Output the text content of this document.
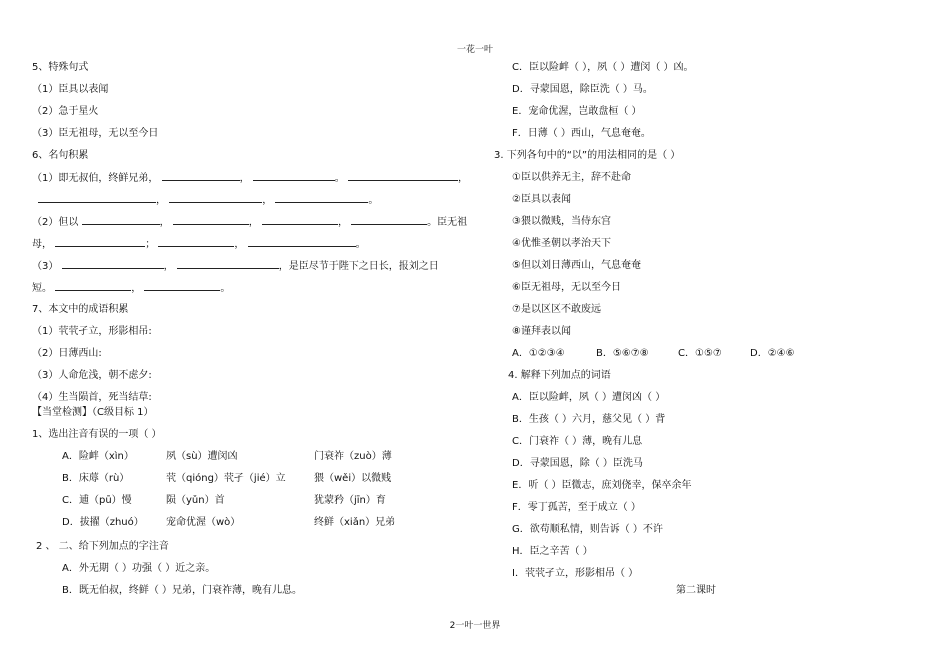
一花一叶
5、特殊句式
（1）臣具以表闻
（2）急于星火
（3）臣无祖母，无以至今日
6、名句积累
（1）即无叔伯，终鲜兄弟，	，	。	，
，	，	。
（2）但以	，	，	，	。臣无祖
母，	；	，	。
（3）	，	，是臣尽节于陛下之日长，报刘之日
短。	，	。
7、本文中的成语积累
（1）茕茕孑立，形影相吊:
（2）日薄西山:
（3）人命危浅，朝不虑夕:
（4）生当陨首，死当结草:
【当堂检测】（C级目标 1）
1、选出注音有误的一项（ ）
A．险衅（xìn）	夙（sù）遭闵凶	门衰祚（zuò）薄
B．床蓐（rù）	茕（qióng）茕孑（jié）立	猥（wěi）以微贱
C．逋（pū）慢	陨（yǔn）首	犹蒙矜（jīn）育
D．拔擢（zhuó） 宠命优渥（wò）	终鲜（xiǎn）兄弟
2 、 二、给下列加点的字注音
A．外无期（ ）功强（ ）近之亲。
B．既无伯叔，终鲜（ ）兄弟，门衰祚薄，晚有儿息。
C．臣以险衅（ ），夙（ ）遭闵（ ）凶。
D．寻蒙国恩，除臣洗（ ）马。
E．宠命优渥，岂敢盘桓（ ）
F．日薄（ ）西山，气息奄奄。
3. 下列各句中的“以”的用法相同的是（ ）
①臣以供养无主，辞不赴命
②臣具以表闻
③猥以微贱，当侍东宫
④优惟圣朝以孝治天下
⑤但以刘日薄西山，气息奄奄
⑥臣无祖母，无以至今日
⑦是以区区不敢废远
⑧谨拜表以闻
A．①②③④	B．⑤⑥⑦⑧	C．①⑤⑦	D．②④⑥
4. 解释下列加点的词语
A．臣以险衅，夙（ ）遭闵凶（ ）
B．生孩（ ）六月，慈父见（ ）背
C．门衰祚（ ）薄，晚有儿息
D．寻蒙国恩，除（ ）臣洗马
E．听（ ）臣微志，庶刘侥幸，保卒余年
F．零丁孤苦，至于成立（ ）
G．欲苟顺私情，则告诉（ ）不许
H．臣之辛苦（ ）
I．茕茕孑立，形影相吊（ ）
第二课时
2一叶一世界
